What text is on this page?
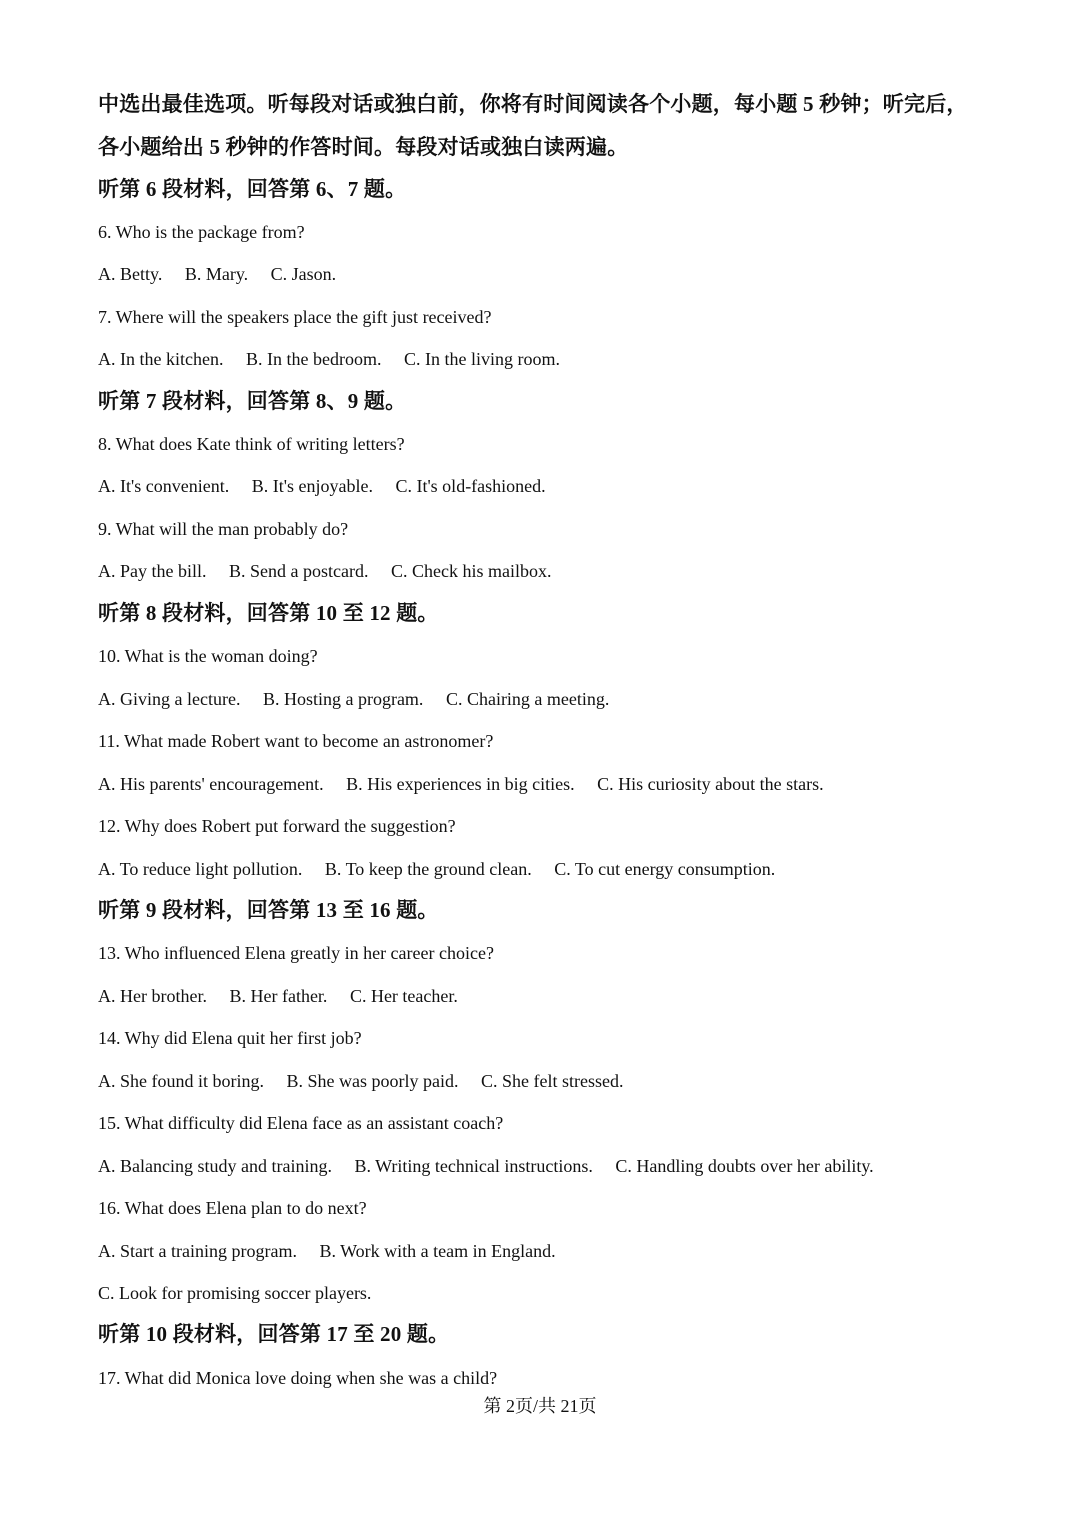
中选出最佳选项。听每段对话或独白前，你将有时间阅读各个小题，每小题 5 秒钟；听完后，
各小题给出 5 秒钟的作答时间。每段对话或独白读两遍。
听第 6 段材料，回答第 6、7 题。
6. Who is the package from?
A. Betty. B. Mary. C. Jason.
7. Where will the speakers place the gift just received?
A. In the kitchen. B. In the bedroom. C. In the living room.
听第 7 段材料，回答第 8、9 题。
8. What does Kate think of writing letters?
A. It's convenient. B. It's enjoyable. C. It's old-fashioned.
9. What will the man probably do?
A. Pay the bill. B. Send a postcard. C. Check his mailbox.
听第 8 段材料，回答第 10 至 12 题。
10. What is the woman doing?
A. Giving a lecture. B. Hosting a program. C. Chairing a meeting.
11. What made Robert want to become an astronomer?
A. His parents' encouragement. B. His experiences in big cities. C. His curiosity about the stars.
12. Why does Robert put forward the suggestion?
A. To reduce light pollution. B. To keep the ground clean. C. To cut energy consumption.
听第 9 段材料，回答第 13 至 16 题。
13. Who influenced Elena greatly in her career choice?
A. Her brother. B. Her father. C. Her teacher.
14. Why did Elena quit her first job?
A. She found it boring. B. She was poorly paid. C. She felt stressed.
15. What difficulty did Elena face as an assistant coach?
A. Balancing study and training. B. Writing technical instructions. C. Handling doubts over her ability.
16. What does Elena plan to do next?
A. Start a training program. B. Work with a team in England.
C. Look for promising soccer players.
听第 10 段材料，回答第 17 至 20 题。
17. What did Monica love doing when she was a child?
第 2页/共 21页
